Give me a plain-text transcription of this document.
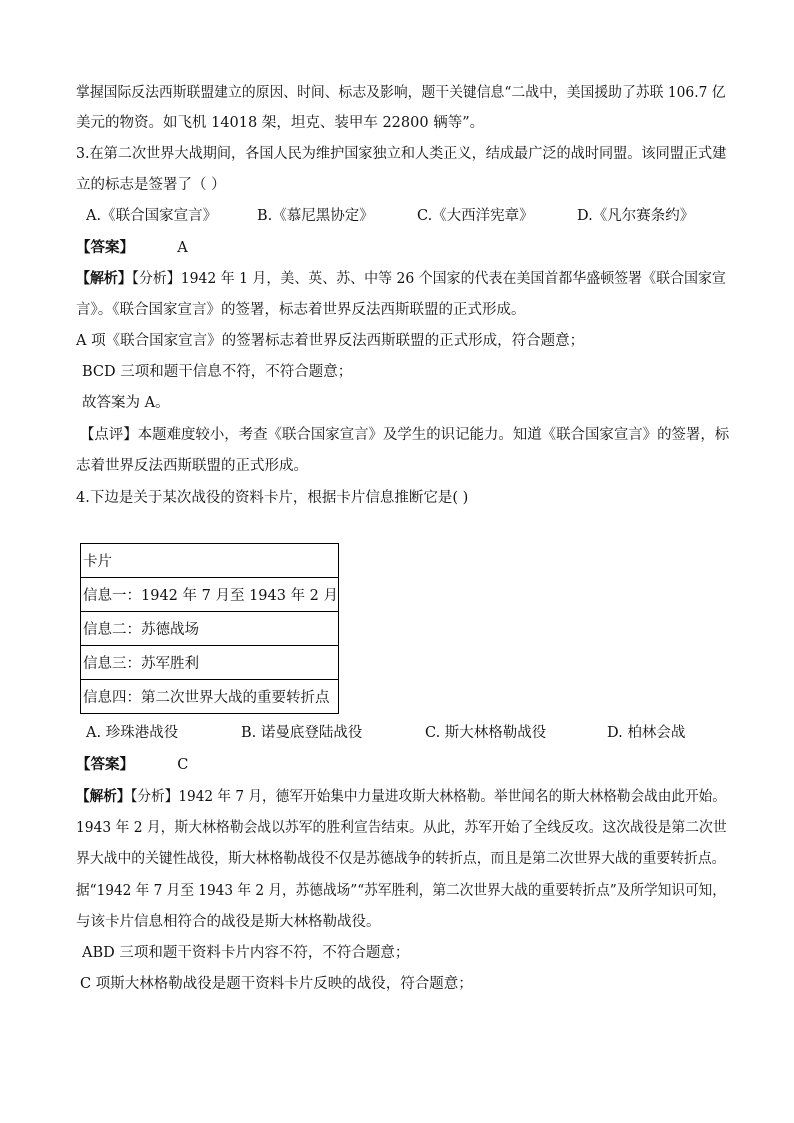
掌握国际反法西斯联盟建立的原因、时间、标志及影响，题干关键信息“二战中，美国援助了苏联 106.7 亿
美元的物资。如飞机 14018 架，坦克、装甲车 22800 辆等”。
3.在第二次世界大战期间，各国人民为维护国家独立和人类正义，结成最广泛的战时同盟。该同盟正式建
立的标志是签署了（ ）
A.《联合国家宣言》	B.《慕尼黑协定》	C.《大西洋宪章》	D.《凡尔赛条约》
【答案】	A
【解析】【分析】1942 年 1 月，美、英、苏、中等 26 个国家的代表在美国首都华盛顿签署《联合国家宣
言》。《联合国家宣言》的签署，标志着世界反法西斯联盟的正式形成。
A 项《联合国家宣言》的签署标志着世界反法西斯联盟的正式形成，符合题意；
BCD 三项和题干信息不符，不符合题意；
故答案为 A。
【点评】本题难度较小，考查《联合国家宣言》及学生的识记能力。知道《联合国家宣言》的签署，标
志着世界反法西斯联盟的正式形成。
4.下边是关于某次战役的资料卡片，根据卡片信息推断它是( )
卡片
信息一：1942 年 7 月至 1943 年 2 月
信息二：苏德战场
信息三：苏军胜利
信息四：第二次世界大战的重要转折点
A. 珍珠港战役	B. 诺曼底登陆战役	C. 斯大林格勒战役	D. 柏林会战
【答案】	C
【解析】【分析】1942 年 7 月，德军开始集中力量进攻斯大林格勒。举世闻名的斯大林格勒会战由此开始。
1943 年 2 月，斯大林格勒会战以苏军的胜利宣告结束。从此，苏军开始了全线反攻。这次战役是第二次世
界大战中的关键性战役，斯大林格勒战役不仅是苏德战争的转折点，而且是第二次世界大战的重要转折点。
据“1942 年 7 月至 1943 年 2 月，苏德战场”“苏军胜利，第二次世界大战的重要转折点”及所学知识可知，
与该卡片信息相符合的战役是斯大林格勒战役。
ABD 三项和题干资料卡片内容不符，不符合题意；
C 项斯大林格勒战役是题干资料卡片反映的战役，符合题意；
